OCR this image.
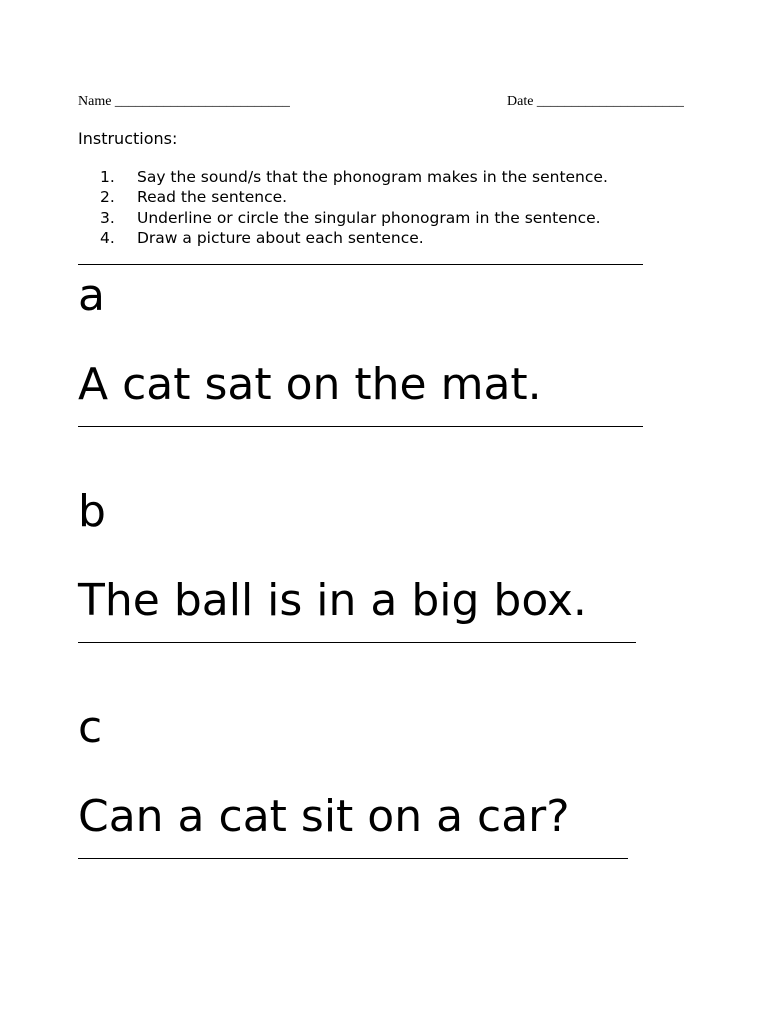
Name _________________________	Date _____________________
Instructions:
1. Say the sound/s that the phonogram makes in the sentence.
2. Read the sentence.
3. Underline or circle the singular phonogram in the sentence.
4. Draw a picture about each sentence.
a
A cat sat on the mat.
b
The ball is in a big box.
c
Can a cat sit on a car?
